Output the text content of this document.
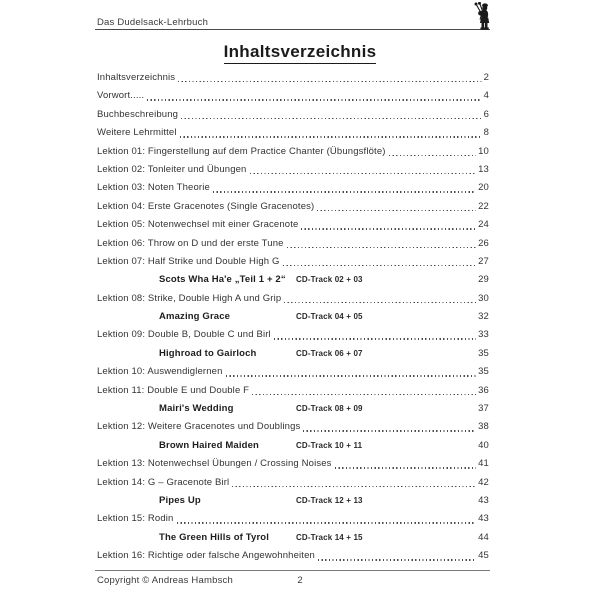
Das Dudelsack-Lehrbuch
Inhaltsverzeichnis
Inhaltsverzeichnis	2
Vorwort.....	4
Buchbeschreibung	6
Weitere Lehrmittel	8
Lektion 01: Fingerstellung auf dem Practice Chanter (Übungsflöte)	10
Lektion 02: Tonleiter und Übungen	13
Lektion 03: Noten Theorie	20
Lektion 04: Erste Gracenotes (Single Gracenotes)	22
Lektion 05: Notenwechsel mit einer Gracenote	24
Lektion 06: Throw on D und der erste Tune	26
Lektion 07: Half Strike und Double High G	27
Scots Wha Ha'e „Teil 1 + 2“	CD-Track 02 + 03	29
Lektion 08: Strike, Double High A und Grip	30
Amazing Grace	CD-Track 04 + 05	32
Lektion 09: Double B, Double C und Birl	33
Highroad to Gairloch	CD-Track 06 + 07	35
Lektion 10: Auswendiglernen	35
Lektion 11: Double E und Double F	36
Mairi's Wedding	CD-Track 08 + 09	37
Lektion 12: Weitere Gracenotes und Doublings	38
Brown Haired Maiden	CD-Track 10 + 11	40
Lektion 13: Notenwechsel Übungen / Crossing Noises	41
Lektion 14: G – Gracenote Birl	42
Pipes Up	CD-Track 12 + 13	43
Lektion 15: Rodin	43
The Green Hills of Tyrol	CD-Track 14 + 15	44
Lektion 16: Richtige oder falsche Angewohnheiten	45
Copyright © Andreas Hambsch	2
